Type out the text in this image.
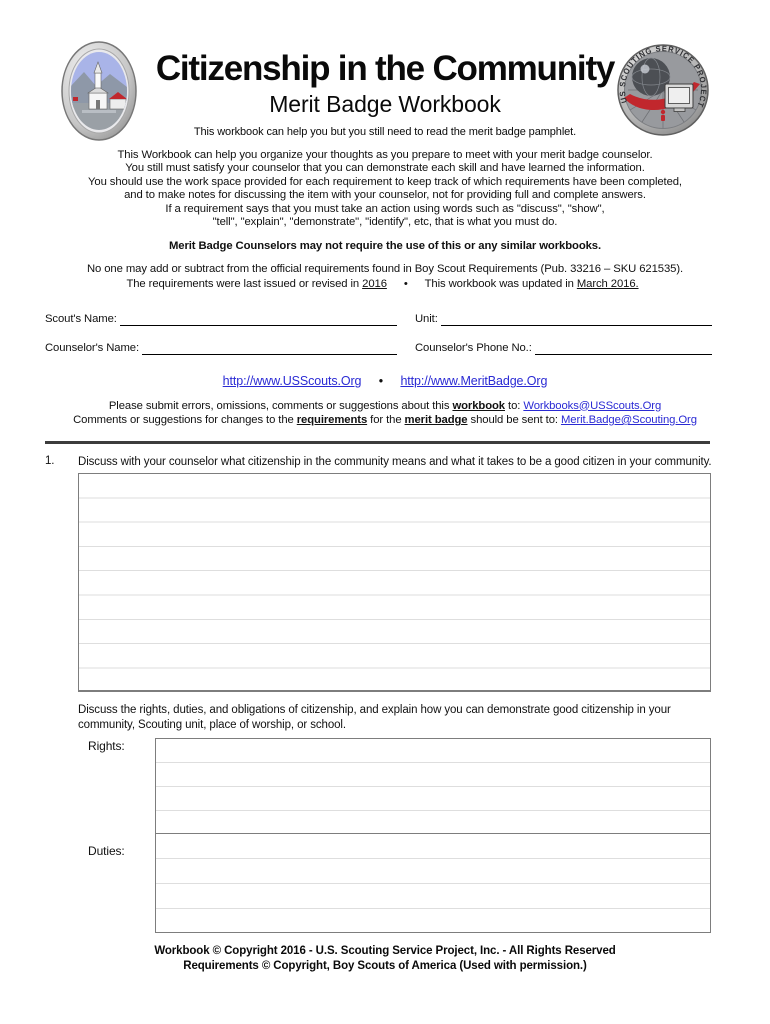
US SCOUTING SERVICE PROJECT
Citizenship in the Community
Merit Badge Workbook
This workbook can help you but you still need to read the merit badge pamphlet.
This Workbook can help you organize your thoughts as you prepare to meet with your merit badge counselor.
You still must satisfy your counselor that you can demonstrate each skill and have learned the information.
You should use the work space provided for each requirement to keep track of which requirements have been completed,
and to make notes for discussing the item with your counselor, not for providing full and complete answers.
If a requirement says that you must take an action using words such as "discuss", "show",
"tell", "explain", "demonstrate", "identify", etc, that is what you must do.
Merit Badge Counselors may not require the use of this or any similar workbooks.
No one may add or subtract from the official requirements found in Boy Scout Requirements (Pub. 33216 – SKU 621535).
The requirements were last issued or revised in 2016 • This workbook was updated in March 2016.
Scout's Name:	Unit:
Counselor's Name:	Counselor's Phone No.:
http://www.USScouts.Org • http://www.MeritBadge.Org
Please submit errors, omissions, comments or suggestions about this workbook to: Workbooks@USScouts.Org
Comments or suggestions for changes to the requirements for the merit badge should be sent to: Merit.Badge@Scouting.Org
1.	Discuss with your counselor what citizenship in the community means and what it takes to be a good citizen in your community.
Discuss the rights, duties, and obligations of citizenship, and explain how you can demonstrate good citizenship in your community, Scouting unit, place of worship, or school.
Rights:
Duties:
Workbook © Copyright 2016 - U.S. Scouting Service Project, Inc. - All Rights Reserved
Requirements © Copyright, Boy Scouts of America (Used with permission.)
